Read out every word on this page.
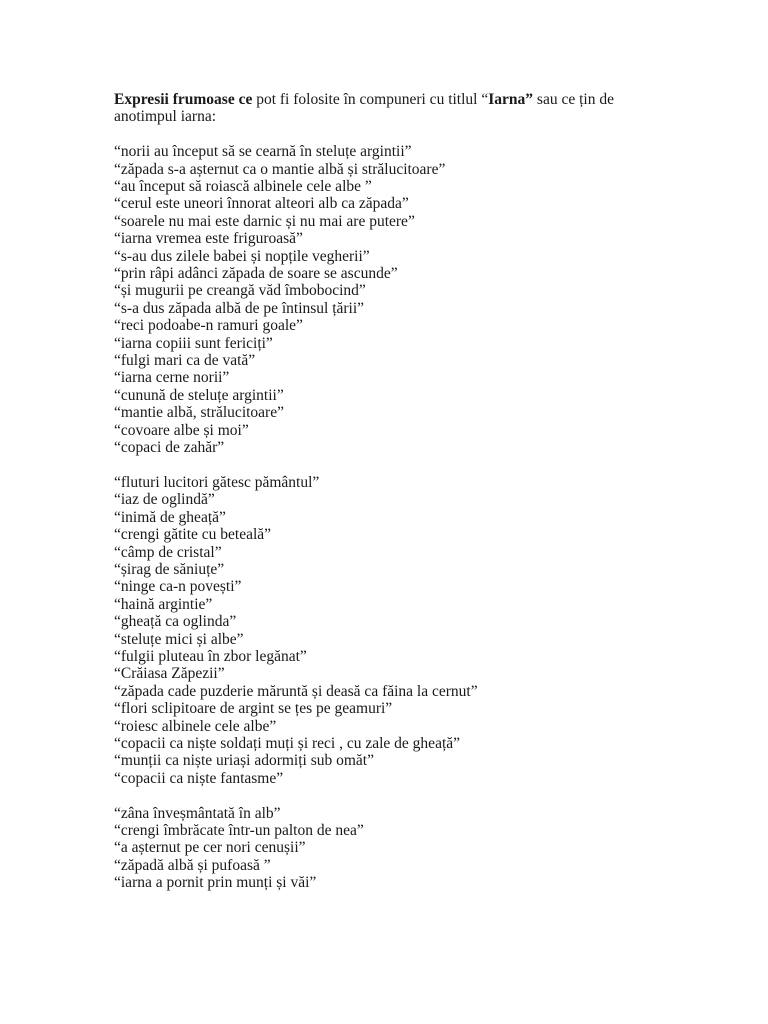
Expresii frumoase ce pot fi folosite în compuneri cu titlul “Iarna” sau ce țin de anotimpul iarna:

“norii au început să se cearnă în steluțe argintii”
“zăpada s-a așternut ca o mantie albă și strălucitoare”
“au început să roiască albinele cele albe ”
“cerul este uneori înnorat alteori alb ca zăpada”
“soarele nu mai este darnic și nu mai are putere”
“iarna vremea este friguroasă”
“s-au dus zilele babei și nopțile vegherii”
“prin râpi adânci zăpada de soare se ascunde”
“și mugurii pe creangă văd îmbobocind”
“s-a dus zăpada albă de pe întinsul țării”
“reci podoabe-n ramuri goale”
“iarna copiii sunt fericiți”
“fulgi mari ca de vată”
“iarna cerne norii”
“cunună de steluțe argintii”
“mantie albă, strălucitoare”
“covoare albe și moi”
“copaci de zahăr”
“fluturi lucitori gătesc pământul”
“iaz de oglindă”
“inimă de gheață”
“crengi gătite cu beteală”
“câmp de cristal”
“șirag de săniuțe”
“ninge ca-n povești”
“haină argintie”
“gheață ca oglinda”
“steluțe mici și albe”
“fulgii pluteau în zbor legănat”
“Crăiasa Zăpezii”
“zăpada cade puzderie măruntă și deasă ca făina la cernut”
“flori sclipitoare de argint se țes pe geamuri”
“roiesc albinele cele albe”
“copacii ca niște soldați muți și reci , cu zale de gheață”
“munții ca niște uriași adormiți sub omăt”
“copacii ca niște fantasme”
“zâna înveșmântată în alb”
“crengi îmbrăcate într-un palton de nea”
“a așternut pe cer nori cenușii”
“zăpadă albă și pufoasă ”
“iarna a pornit prin munți și văi”
